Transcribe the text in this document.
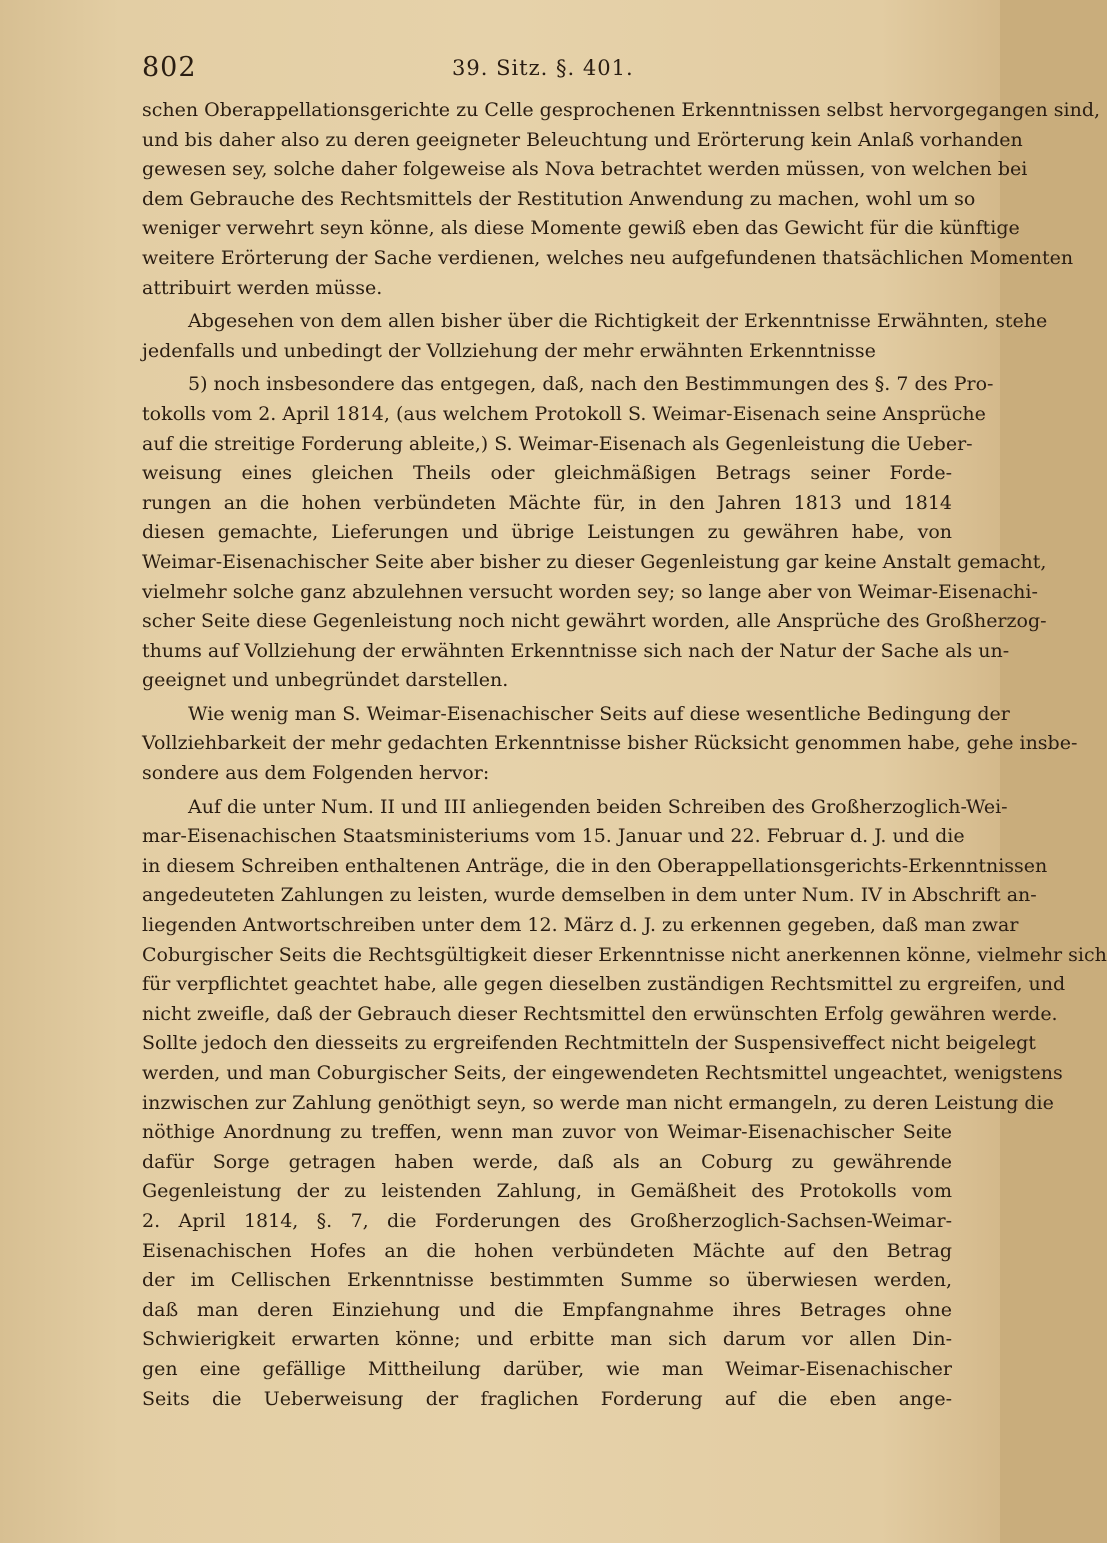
802	39. Sitz. §. 401.
schen Oberappellationsgerichte zu Celle gesprochenen Erkenntnissen selbst hervorgegangen sind,
und bis daher also zu deren geeigneter Beleuchtung und Erörterung kein Anlaß vorhanden
gewesen sey, solche daher folgeweise als Nova betrachtet werden müssen, von welchen bei
dem Gebrauche des Rechtsmittels der Restitution Anwendung zu machen, wohl um so
weniger verwehrt seyn könne, als diese Momente gewiß eben das Gewicht für die künftige
weitere Erörterung der Sache verdienen, welches neu aufgefundenen thatsächlichen Momenten
attribuirt werden müsse.
Abgesehen von dem allen bisher über die Richtigkeit der Erkenntnisse Erwähnten, stehe
jedenfalls und unbedingt der Vollziehung der mehr erwähnten Erkenntnisse
5) noch insbesondere das entgegen, daß, nach den Bestimmungen des §. 7 des Pro-
tokolls vom 2. April 1814, (aus welchem Protokoll S. Weimar-Eisenach seine Ansprüche
auf die streitige Forderung ableite,) S. Weimar-Eisenach als Gegenleistung die Ueber-
weisung eines gleichen Theils oder gleichmäßigen Betrags seiner Forde-
rungen an die hohen verbündeten Mächte für, in den Jahren 1813 und 1814
diesen gemachte, Lieferungen und übrige Leistungen zu gewähren habe, von
Weimar-Eisenachischer Seite aber bisher zu dieser Gegenleistung gar keine Anstalt gemacht,
vielmehr solche ganz abzulehnen versucht worden sey; so lange aber von Weimar-Eisenachi-
scher Seite diese Gegenleistung noch nicht gewährt worden, alle Ansprüche des Großherzog-
thums auf Vollziehung der erwähnten Erkenntnisse sich nach der Natur der Sache als un-
geeignet und unbegründet darstellen.
Wie wenig man S. Weimar-Eisenachischer Seits auf diese wesentliche Bedingung der
Vollziehbarkeit der mehr gedachten Erkenntnisse bisher Rücksicht genommen habe, gehe insbe-
sondere aus dem Folgenden hervor:
Auf die unter Num. II und III anliegenden beiden Schreiben des Großherzoglich-Wei-
mar-Eisenachischen Staatsministeriums vom 15. Januar und 22. Februar d. J. und die
in diesem Schreiben enthaltenen Anträge, die in den Oberappellationsgerichts-Erkenntnissen
angedeuteten Zahlungen zu leisten, wurde demselben in dem unter Num. IV in Abschrift an-
liegenden Antwortschreiben unter dem 12. März d. J. zu erkennen gegeben, daß man zwar
Coburgischer Seits die Rechtsgültigkeit dieser Erkenntnisse nicht anerkennen könne, vielmehr sich
für verpflichtet geachtet habe, alle gegen dieselben zuständigen Rechtsmittel zu ergreifen, und
nicht zweifle, daß der Gebrauch dieser Rechtsmittel den erwünschten Erfolg gewähren werde.
Sollte jedoch den diesseits zu ergreifenden Rechtmitteln der Suspensiveffect nicht beigelegt
werden, und man Coburgischer Seits, der eingewendeten Rechtsmittel ungeachtet, wenigstens
inzwischen zur Zahlung genöthigt seyn, so werde man nicht ermangeln, zu deren Leistung die
nöthige Anordnung zu treffen, wenn man zuvor von Weimar-Eisenachischer Seite
dafür Sorge getragen haben werde, daß als an Coburg zu gewährende
Gegenleistung der zu leistenden Zahlung, in Gemäßheit des Protokolls vom
2. April 1814, §. 7, die Forderungen des Großherzoglich-Sachsen-Weimar-
Eisenachischen Hofes an die hohen verbündeten Mächte auf den Betrag
der im Cellischen Erkenntnisse bestimmten Summe so überwiesen werden,
daß man deren Einziehung und die Empfangnahme ihres Betrages ohne
Schwierigkeit erwarten könne; und erbitte man sich darum vor allen Din-
gen eine gefällige Mittheilung darüber, wie man Weimar-Eisenachischer
Seits die Ueberweisung der fraglichen Forderung auf die eben ange-
